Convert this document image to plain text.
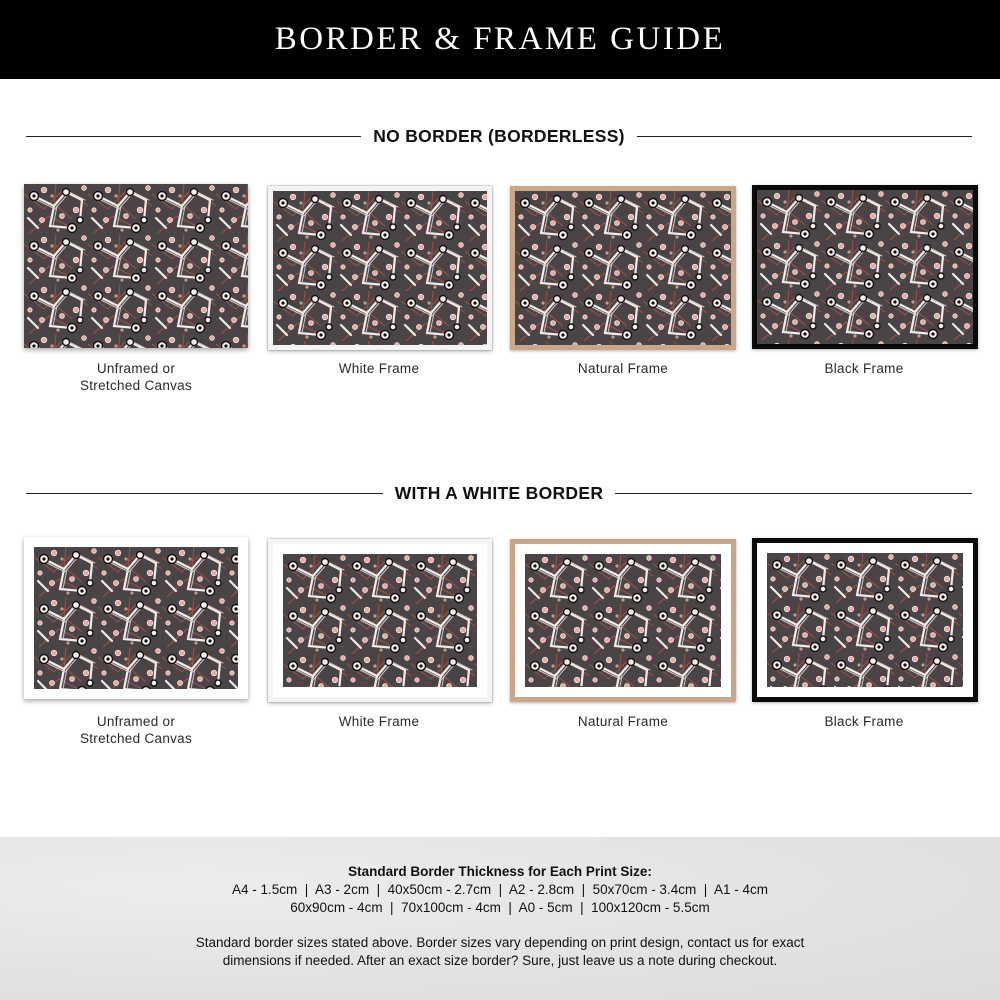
BORDER & FRAME GUIDE
NO BORDER (BORDERLESS)
Unframed or
Stretched Canvas
White Frame	Natural Frame	Black Frame
WITH A WHITE BORDER
Unframed or
Stretched Canvas
White Frame	Natural Frame	Black Frame
Standard Border Thickness for Each Print Size:
A4 - 1.5cm  |  A3 - 2cm  |  40x50cm - 2.7cm  |  A2 - 2.8cm  |  50x70cm - 3.4cm  |  A1 - 4cm
60x90cm - 4cm  |  70x100cm - 4cm  |  A0 - 5cm  |  100x120cm - 5.5cm
Standard border sizes stated above. Border sizes vary depending on print design, contact us for exact
dimensions if needed. After an exact size border? Sure, just leave us a note during checkout.
